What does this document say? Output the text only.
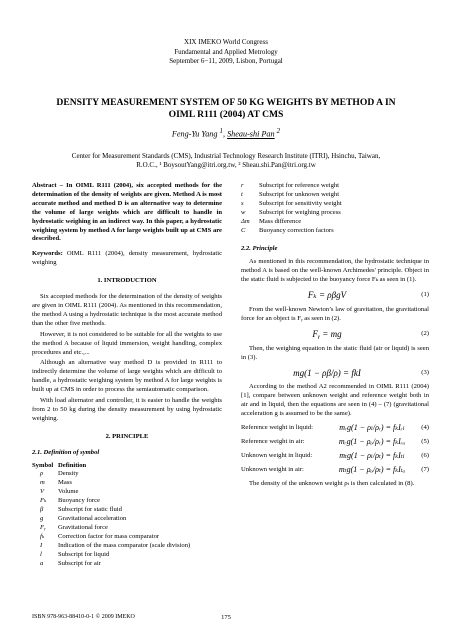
XIX IMEKO World Congress
Fundamental and Applied Metrology
September 6−11, 2009, Lisbon, Portugal
DENSITY MEASUREMENT SYSTEM OF 50 KG WEIGHTS BY METHOD A IN
OIML R111 (2004) AT CMS
Feng-Yu Yang $^1$, Sheau-shi Pan $^2$
Center for Measurement Standards (CMS), Industrial Technology Research Institute (ITRI), Hsinchu, Taiwan,
R.O.C., ¹ BoysoutYang@itri.org.tw, ² Sheau.shi.Pan@itri.org.tw

Abstract – In OIML R111 (2004), six accepted methods for the determination of the density of weights are given. Method A is most accurate method and method D is an alternative way to determine the volume of large weights which are difficult to handle in hydrostatic weighing in an indirect way. In this paper, a hydrostatic weighing system by method A for large weights built up at CMS are described.

Keywords: OIML R111 (2004), density measurement, hydrostatic weighing

1. INTRODUCTION

Six accepted methods for the determination of the density of weights are given in OIML R111 (2004). As mentioned in this recommendation, the method A using a hydrostatic technique is the most accurate method than the other five methods.

However, it is not considered to be suitable for all the weights to use the method A because of liquid immersion, weight handling, complex procedures and etc.,...

Although an alternative way method D is provided in R111 to indirectly determine the volume of large weights which are difficult to handle, a hydrostatic weighing system by method A for large weights is built up at CMS in order to process the semiautomatic comparison.

With load alternator and controller, it is easier to handle the weights from 2 to 50 kg during the density measurement by using hydrostatic weighing.

2. PRINCIPLE
2.1. Definition of symbol
Symbol Definition
ρ	Density
m	Mass
V	Volume
Fₖ	Buoyancy force
β	Subscript for static fluid
g	Gravitational acceleration
Fᵧ	Gravitational force
fₖ	Correction factor for mass comparator
I	Indication of the mass comparator (scale division)
l	Subscript for liquid
a	Subscript for air
r	Subscript for reference weight
t	Subscript for unknown weight
s	Subscript for sensitivity weight
w	Subscript for weighing process
Δm	Mass difference
C	Buoyancy correction factors
2.2. Principle

As mentioned in this recommendation, the hydrostatic technique in method A is based on the well-known Archimedes' principle. Object in the static fluid is subjected to the buoyancy force Fₖ as seen in (1).

Fₖ = ρβgV	(1)

From the well-known Newton’s law of gravitation, the gravitational force for an object is Fᵧ as seen in (2).

Fᵧ = mg	(2)

Then, the weighing equation in the static fluid (air or liquid) is seen in (3).

mg(1 − ρβ/ρ) = fkI	(3)

According to the method A2 recommended in OIML R111 (2004) [1], compare between unknown weight and reference weight both in air and in liquid, then the equations are seen in (4) – (7) (gravitational acceleration g is assumed to be the same).

Reference weight in liquid:	mᵣg(1 − ρₗ/ρᵣ) = fₖIᵣₗ	(4)
Reference weight in air:	mᵣg(1 − ρₐ/ρᵣ) = fₖIᵣₐ	(5)
Unknown weight in liquid:	mₜg(1 − ρₗ/ρₜ) = fₖIₜₗ	(6)
Unknown weight in air:	mₜg(1 − ρₐ/ρₜ) = fₖIₜₐ	(7)

The density of the unknown weight ρₜ is then calculated in (8).

ISBN 978-963-88410-0-1 © 2009 IMEKO	175
